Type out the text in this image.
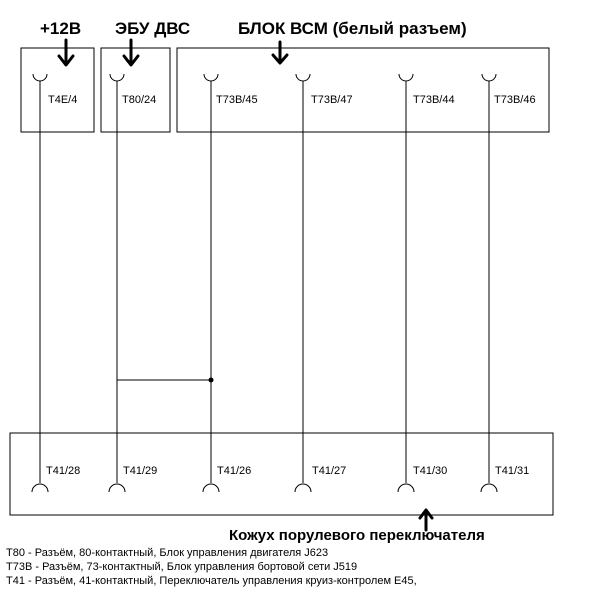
+12В ЭБУ ДВС	БЛОК ВСМ (белый разъем)
T4E/4	T80/24	T73B/45	T73B/47	T73B/44	T73B/46
T41/28	T41/29	T41/26	T41/27	T41/30	T41/31
Кожух порулевого переключателя
T80 - Разъём, 80-контактный, Блок управления двигателя J623
T73B - Разъём, 73-контактный, Блок управления бортовой сети J519
T41 - Разъём, 41-контактный, Переключатель управления круиз-контролем E45,
